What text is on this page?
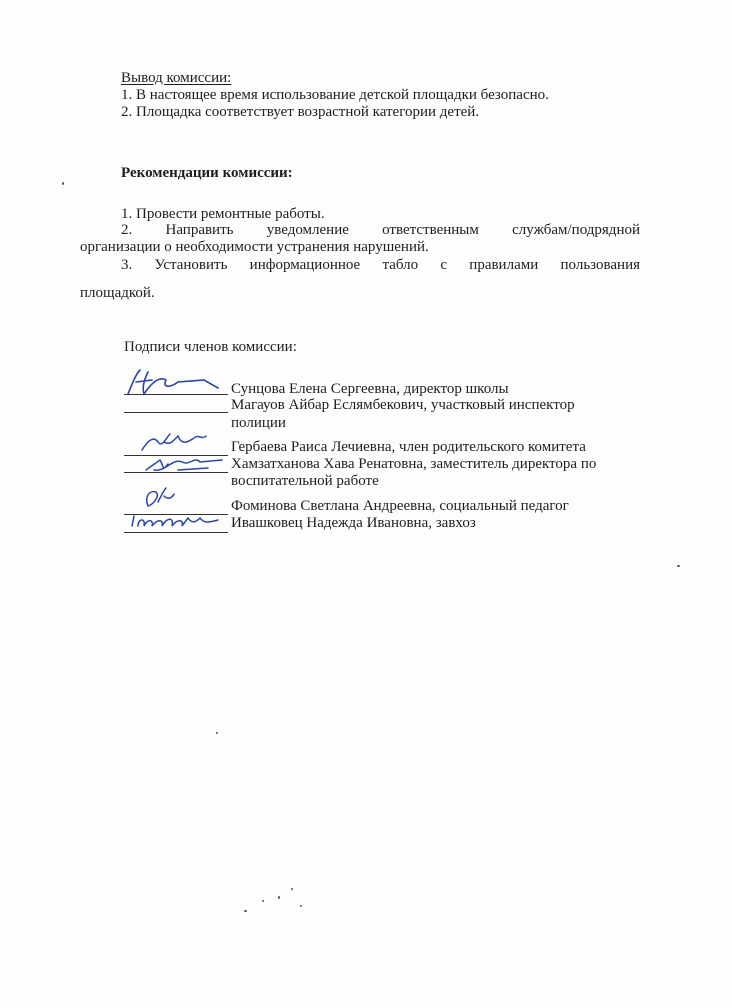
Вывод комиссии:
1. В настоящее время использование детской площадки безопасно.
2. Площадка соответствует возрастной категории детей.
Рекомендации комиссии:
1. Провести ремонтные работы.
2. Направить уведомление ответственным службам/подрядной
организации о необходимости устранения нарушений.
3. Установить информационное табло с правилами пользования
площадкой.
Подписи членов комиссии:
Сунцова Елена Сергеевна, директор школы
Магауов Айбар Еслямбекович, участковый инспектор
полиции
Гербаева Раиса Лечиевна, член родительского комитета
Хамзатханова Хава Ренатовна, заместитель директора по
воспитательной работе
Фоминова Светлана Андреевна, социальный педагог
Ивашковец Надежда Ивановна, завхоз
